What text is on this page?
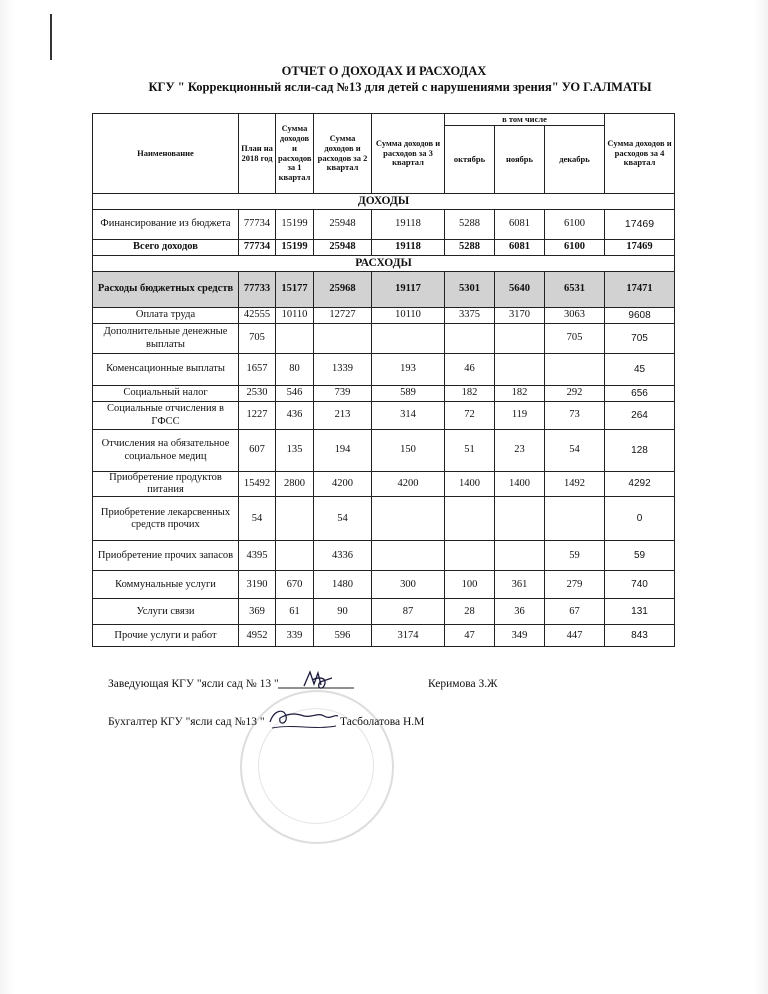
ОТЧЕТ О ДОХОДАХ И РАСХОДАХ
КГУ " Коррекционный ясли-сад №13 для детей с нарушениями зрения" УО Г.АЛМАТЫ
Наименование	План на 2018 год	Сумма доходов и расходов за 1 квартал	Сумма доходов и расходов за 2 квартал	Сумма доходов и расходов за 3 квартал	в том числе			Сумма доходов и расходов за 4 квартал
					октябрь	ноябрь	декабрь	
ДОХОДЫ								
Финансирование из бюджета	77734	15199	25948	19118	5288	6081	6100	17469
Всего доходов	77734	15199	25948	19118	5288	6081	6100	17469
РАСХОДЫ								
Расходы бюджетных средств	77733	15177	25968	19117	5301	5640	6531	17471
Оплата труда	42555	10110	12727	10110	3375	3170	3063	9608
Дополнительные денежные выплаты	705						705	705
Коменсационные выплаты	1657	80	1339	193	46			45
Социальный налог	2530	546	739	589	182	182	292	656
Социальные отчисления в ГФСС	1227	436	213	314	72	119	73	264
Отчисления на обязательное социальное медиц	607	135	194	150	51	23	54	128
Приобретение продуктов питания	15492	2800	4200	4200	1400	1400	1492	4292
Приобретение лекарсвенных средств прочих	54		54					0
Приобретение прочих запасов	4395		4336				59	59
Коммунальные услуги	3190	670	1480	300	100	361	279	740
Услуги связи	369	61	90	87	28	36	67	131
Прочие услуги и работ	4952	339	596	3174	47	349	447	843
Заведующая КГУ "ясли сад № 13 "	Керимова З.Ж
Бухгалтер КГУ "ясли сад №13 "	Тасболатова Н.М
